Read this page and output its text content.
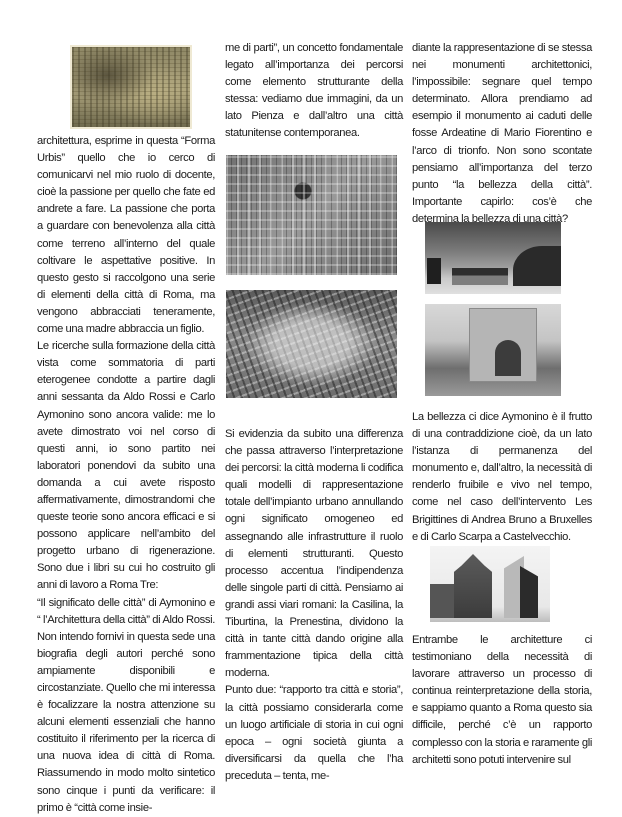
architettura, esprime in questa “Forma Urbis” quello che io cerco di comunicarvi nel mio ruolo di docente, cioè la passione per quello che fate ed andrete a fare. La passione che porta a guardare con benevolenza alla città come terreno all’interno del quale coltivare le aspettative positive. In questo gesto si raccolgono una serie di elementi della città di Roma, ma vengono abbracciati teneramente, come una madre abbraccia un figlio.

Le ricerche sulla formazione della città vista come sommatoria di parti eterogenee condotte a partire dagli anni sessanta da Aldo Rossi e Carlo Aymonino sono ancora valide: me lo avete dimostrato voi nel corso di questi anni, io sono partito nei laboratori ponendovi da subito una domanda a cui avete risposto affermativamente, dimostrandomi che queste teorie sono ancora efficaci e si possono applicare nell’ambito del progetto urbano di rigenerazione. Sono due i libri su cui ho costruito gli anni di lavoro a Roma Tre:

“Il significato delle città” di Aymonino e “ l’Architettura della città” di Aldo Rossi. Non intendo fornivi in questa sede una biografia degli autori perché sono ampiamente disponibili e circostanziate. Quello che mi interessa è focalizzare la nostra attenzione su alcuni elementi essenziali che hanno costituito il riferimento per la ricerca di una nuova idea di città di Roma. Riassumendo in modo molto sintetico sono cinque i punti da verificare: il primo è “città come insie-

me di parti”, un concetto fondamentale legato all’importanza dei percorsi come elemento strutturante della stessa: vediamo due immagini, da un lato Pienza e dall’altro una città statunitense contemporanea.

Si evidenzia da subito una differenza che passa attraverso l’interpretazione dei percorsi: la città moderna li codifica quali modelli di rappresentazione totale dell’impianto urbano annullando ogni significato omogeneo ed assegnando alle infrastrutture il ruolo di elementi strutturanti. Questo processo accentua l’indipendenza delle singole parti di città. Pensiamo ai grandi assi viari romani: la Casilina, la Tiburtina, la Prenestina, dividono la città in tante città dando origine alla frammentazione tipica della città moderna.

Punto due: “rapporto tra città e storia”, la città possiamo considerarla come un luogo artificiale di storia in cui ogni epoca – ogni società giunta a diversificarsi da quella che l’ha preceduta – tenta, me-

diante la rappresentazione di se stessa nei monumenti architettonici, l’impossibile: segnare quel tempo determinato. Allora prendiamo ad esempio il monumento ai caduti delle fosse Ardeatine di Mario Fiorentino e l’arco di trionfo. Non sono scontate pensiamo all’importanza del terzo punto “la bellezza della città”. Importante capirlo: cos’è che determina la bellezza di una città?

La bellezza ci dice Aymonino è il frutto di una contraddizione cioè, da un lato l’istanza di permanenza del monumento e, dall’altro, la necessità di renderlo fruibile e vivo nel tempo, come nel caso dell’intervento Les Brigittines di Andrea Bruno a Bruxelles e di Carlo Scarpa a Castelvecchio.

Entrambe le architetture ci testimoniano della necessità di lavorare attraverso un processo di continua reinterpretazione della storia, e sappiamo quanto a Roma questo sia difficile, perché c’è un rapporto complesso con la storia e raramente gli architetti sono potuti intervenire sul
